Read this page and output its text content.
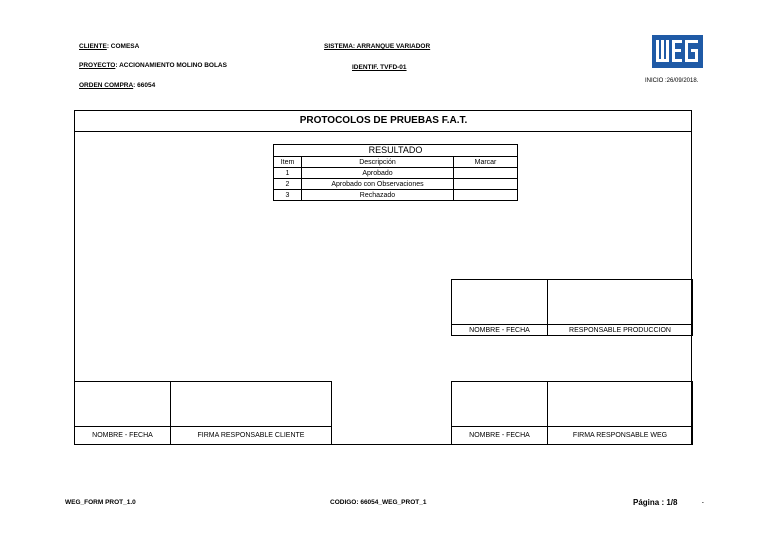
CLIENTE: COMESA
PROYECTO: ACCIONAMIENTO MOLINO BOLAS
ORDEN COMPRA: 66054
SISTEMA: ARRANQUE VARIADOR
IDENTIF. TVFD-01
INICIO :26/09/2018.
PROTOCOLOS DE PRUEBAS F.A.T.
RESULTADO		
Item	Descripción	Marcar
1	Aprobado	
2	Aprobado con Observaciones	
3	Rechazado	
NOMBRE - FECHA	RESPONSABLE PRODUCCION
NOMBRE - FECHA	FIRMA RESPONSABLE CLIENTE	NOMBRE - FECHA	FIRMA RESPONSABLE WEG
WEG_FORM PROT_1.0	CODIGO: 66054_WEG_PROT_1	Página : 1/8	.
